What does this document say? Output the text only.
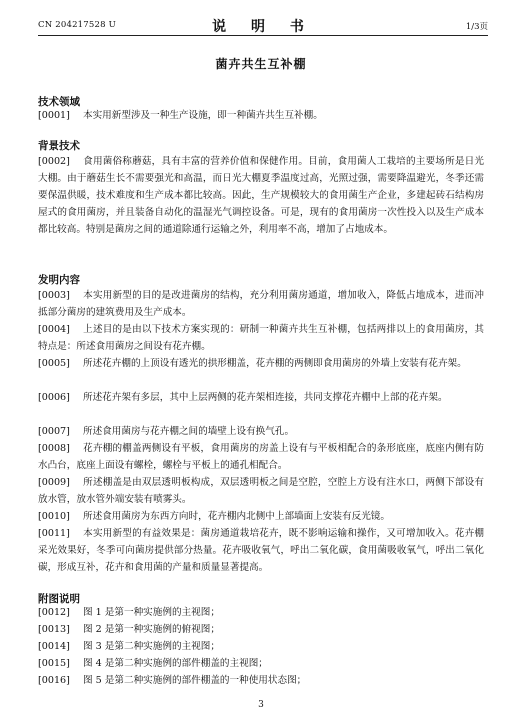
CN 204217528 U	说 明 书	1/3页
菌卉共生互补棚
技术领域

[0001] 本实用新型涉及一种生产设施，即一种菌卉共生互补棚。

背景技术

[0002] 食用菌俗称蘑菇，具有丰富的营养价值和保健作用。目前，食用菌人工栽培的主要场所是日光大棚。由于蘑菇生长不需要强光和高温，而日光大棚夏季温度过高，光照过强，需要降温避光，冬季还需要保温供暖，技术难度和生产成本都比较高。因此，生产规模较大的食用菌生产企业，多建起砖石结构房屋式的食用菌房，并且装备自动化的温湿光气调控设备。可是，现有的食用菌房一次性投入以及生产成本都比较高。特别是菌房之间的通道除通行运输之外，利用率不高，增加了占地成本。

发明内容

[0003] 本实用新型的目的是改进菌房的结构，充分利用菌房通道，增加收入，降低占地成本，进而冲抵部分菌房的建筑费用及生产成本。

[0004] 上述目的是由以下技术方案实现的：研制一种菌卉共生互补棚，包括两排以上的食用菌房，其特点是：所述食用菌房之间设有花卉棚。

[0005] 所述花卉棚的上顶设有透光的拱形棚盖，花卉棚的两侧即食用菌房的外墙上安装有花卉架。

[0006] 所述花卉架有多层，其中上层两侧的花卉架相连接，共同支撑花卉棚中上部的花卉架。

[0007] 所述食用菌房与花卉棚之间的墙壁上设有换气孔。

[0008] 花卉棚的棚盖两侧设有平板，食用菌房的房盖上设有与平板相配合的条形底座，底座内侧有防水凸台，底座上面设有螺栓，螺栓与平板上的通孔相配合。

[0009] 所述棚盖是由双层透明板构成，双层透明板之间是空腔，空腔上方设有注水口，两侧下部设有放水管，放水管外端安装有喷雾头。

[0010] 所述食用菌房为东西方向时，花卉棚内北侧中上部墙面上安装有反光镜。

[0011] 本实用新型的有益效果是：菌房通道栽培花卉，既不影响运输和操作，又可增加收入。花卉棚采光效果好，冬季可向菌房提供部分热量。花卉吸收氧气，呼出二氧化碳，食用菌吸收氧气，呼出二氧化碳，形成互补，花卉和食用菌的产量和质量显著提高。

附图说明

[0012] 图 1 是第一种实施例的主视图；

[0013] 图 2 是第一种实施例的俯视图；

[0014] 图 3 是第二种实施例的主视图；

[0015] 图 4 是第二种实施例的部件棚盖的主视图；

[0016] 图 5 是第二种实施例的部件棚盖的一种使用状态图；

3
